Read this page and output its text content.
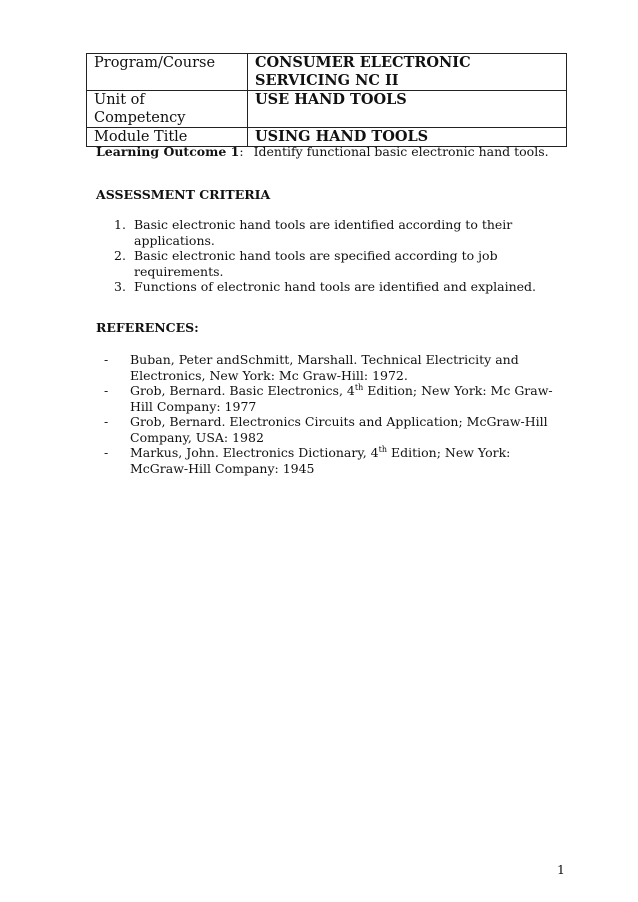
Program/Course	CONSUMER ELECTRONIC SERVICING NC II
Unit of Competency	USE HAND TOOLS
Module Title	USING HAND TOOLS
Learning Outcome 1: Identify functional basic electronic hand tools.
ASSESSMENT CRITERIA
1. Basic electronic hand tools are identified according to their applications.
2. Basic electronic hand tools are specified according to job requirements.
3. Functions of electronic hand tools are identified and explained.
REFERENCES:
- Buban, Peter andSchmitt, Marshall. Technical Electricity and Electronics, New York: Mc Graw-Hill: 1972.
- Grob, Bernard. Basic Electronics, 4th Edition; New York: Mc Graw-Hill Company: 1977
- Grob, Bernard. Electronics Circuits and Application; McGraw-Hill Company, USA: 1982
- Markus, John. Electronics Dictionary, 4th Edition; New York: McGraw-Hill Company: 1945
1
